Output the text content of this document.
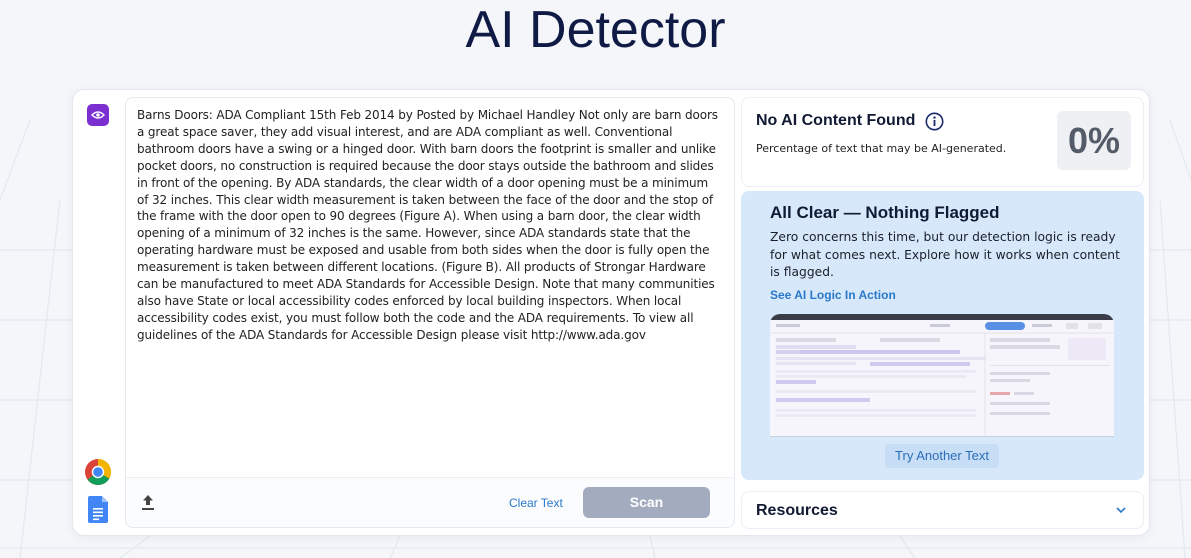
AI Detector
Barns Doors: ADA Compliant 15th Feb 2014 by Posted by Michael Handley Not only are barn doors a great space saver, they add visual interest, and are ADA compliant as well. Conventional bathroom doors have a swing or a hinged door. With barn doors the footprint is smaller and unlike pocket doors, no construction is required because the door stays outside the bathroom and slides in front of the opening. By ADA standards, the clear width of a door opening must be a minimum of 32 inches. This clear width measurement is taken between the face of the door and the stop of the frame with the door open to 90 degrees (Figure A). When using a barn door, the clear width opening of a minimum of 32 inches is the same. However, since ADA standards state that the operating hardware must be exposed and usable from both sides when the door is fully open the measurement is taken between different locations. (Figure B). All products of Strongar Hardware can be manufactured to meet ADA Standards for Accessible Design. Note that many communities also have State or local accessibility codes enforced by local building inspectors. When local accessibility codes exist, you must follow both the code and the ADA requirements. To view all guidelines of the ADA Standards for Accessible Design please visit http://www.ada.gov
Clear Text	Scan
No AI Content Found
Percentage of text that may be AI-generated.	0%
All Clear — Nothing Flagged
Zero concerns this time, but our detection logic is ready for what comes next. Explore how it works when content is flagged.
See AI Logic In Action
Try Another Text
Resources
